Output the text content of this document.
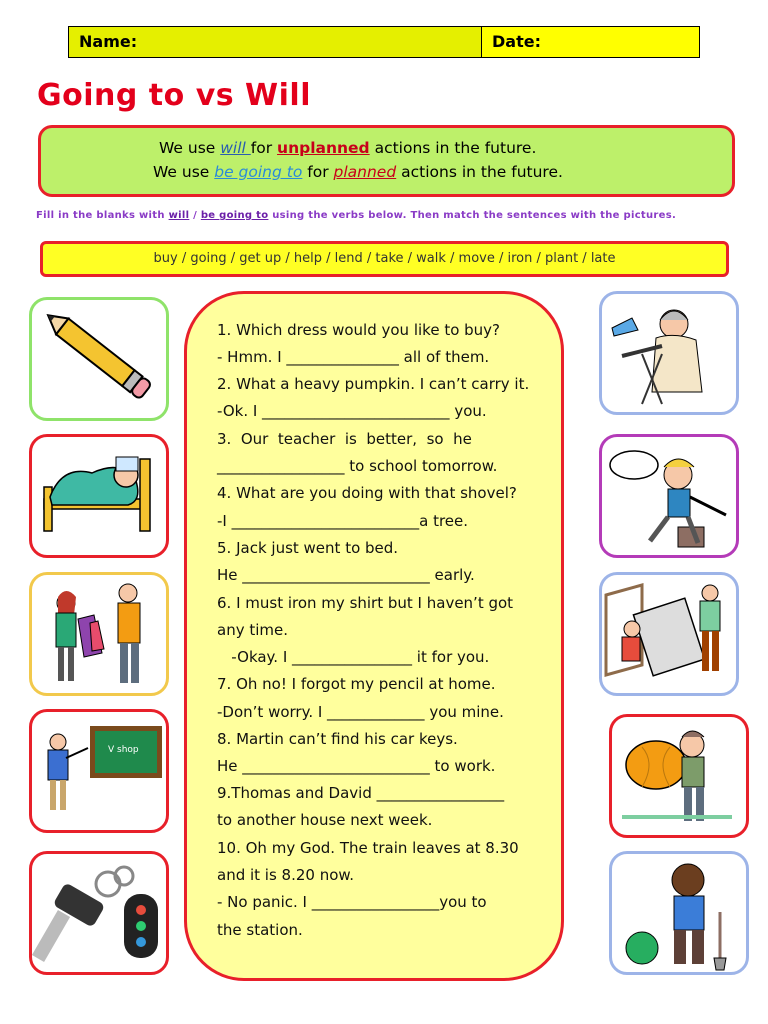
Name:	Date:
Going to vs Will
We use will for unplanned actions in the future.
We use be going to for planned actions in the future.
Fill in the blanks with will / be going to using the verbs below. Then match the sentences with the pictures.
buy / going / get up / help / lend / take / walk / move / iron / plant / late
1. Which dress would you like to buy?
- Hmm. I _______________ all of them.
2. What a heavy pumpkin. I can’t carry it.
-Ok. I _________________________ you.
3.  Our  teacher  is  better,  so  he
_________________ to school tomorrow.
4. What are you doing with that shovel?
-I _________________________a tree.
5. Jack just went to bed.
He _________________________ early.
6. I must iron my shirt but I haven’t got
any time.
-Okay. I ________________ it for you.
7. Oh no! I forgot my pencil at home.
-Don’t worry. I _____________ you mine.
8. Martin can’t find his car keys.
He _________________________ to work.
9.Thomas and David _________________
to another house next week.
10. Oh my God. The train leaves at 8.30
and it is 8.20 now.
- No panic. I _________________you to
the station.
V shop
